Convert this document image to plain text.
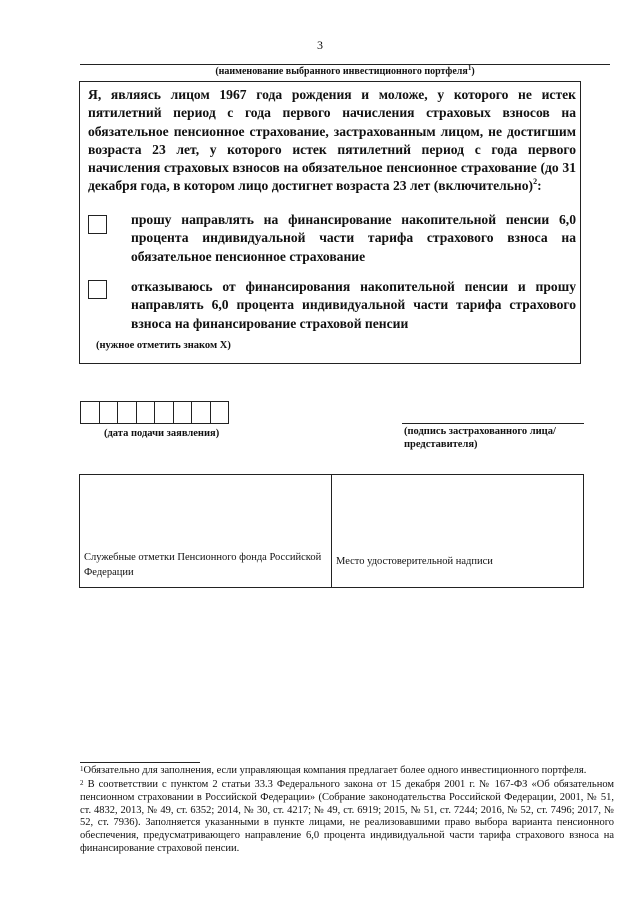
3
(наименование выбранного инвестиционного портфеля$^1$)
Я, являясь лицом 1967 года рождения и моложе, у которого не истек пятилетний период с года первого начисления страховых взносов на обязательное пенсионное страхование, застрахованным лицом, не достигшим возраста 23 лет, у которого истек пятилетний период с года первого начисления страховых взносов на обязательное пенсионное страхование (до 31 декабря года, в котором лицо достигнет возраста 23 лет (включительно)$^2$:
прошу направлять на финансирование накопительной пенсии 6,0 процента индивидуальной части тарифа страхового взноса на обязательное пенсионное страхование
отказываюсь от финансирования накопительной пенсии и прошу направлять 6,0 процента индивидуальной части тарифа страхового взноса на финансирование страховой пенсии
(нужное отметить знаком Х)
(дата подачи заявления)	(подпись застрахованного лица/ представителя)
Служебные отметки Пенсионного фонда Российской Федерации
Место удостоверительной надписи
$^1$Обязательно для заполнения, если управляющая компания предлагает более одного инвестиционного портфеля.
$^2$ В соответствии с пунктом 2 статьи 33.3 Федерального закона от 15 декабря 2001 г. № 167-ФЗ «Об обязательном пенсионном страховании в Российской Федерации» (Собрание законодательства Российской Федерации, 2001, № 51, ст. 4832, 2013, № 49, ст. 6352; 2014, № 30, ст. 4217; № 49, ст. 6919; 2015, № 51, ст. 7244; 2016, № 52, ст. 7496; 2017, № 52, ст. 7936). Заполняется указанными в пункте лицами, не реализовавшими право выбора варианта пенсионного обеспечения, предусматривающего направление 6,0 процента индивидуальной части тарифа страхового взноса на финансирование страховой пенсии.
